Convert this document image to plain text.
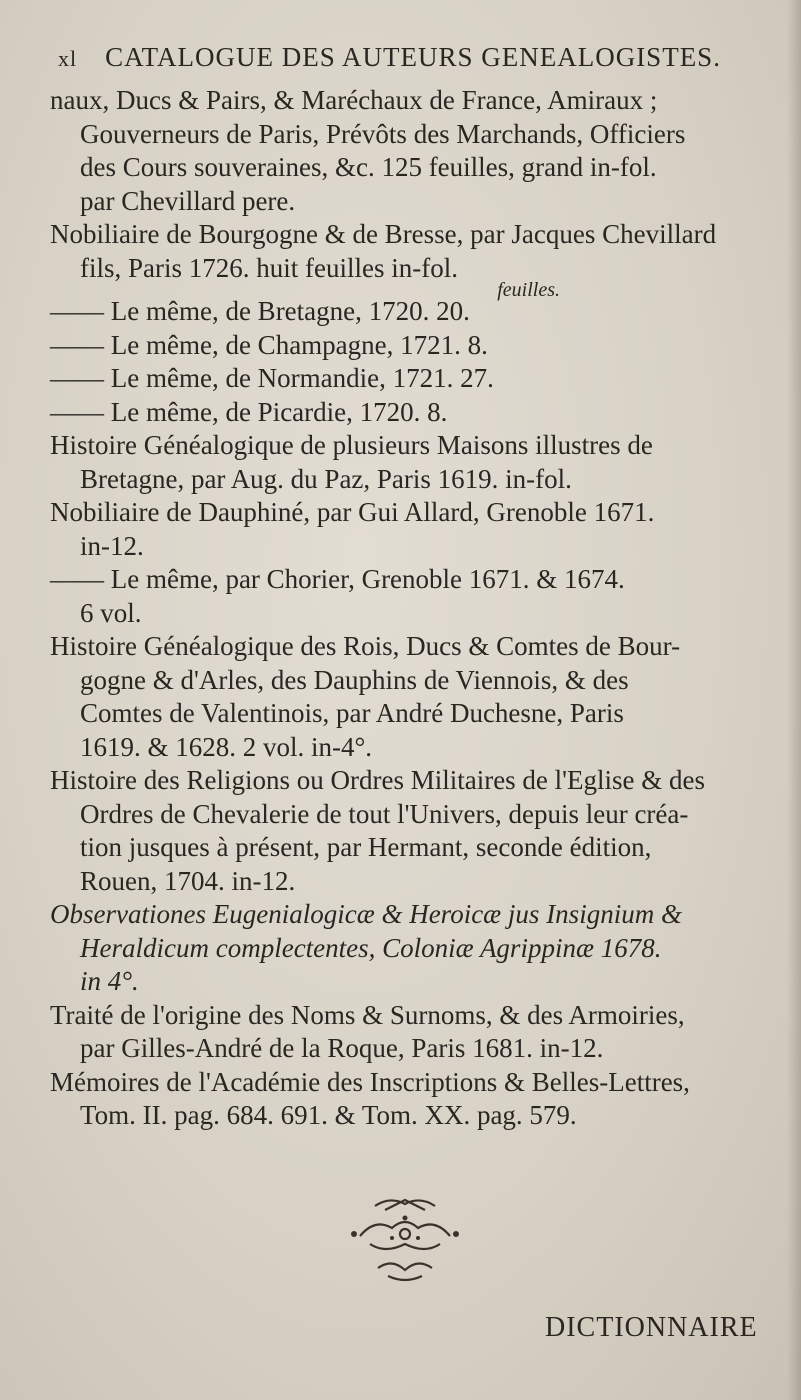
xl CATALOGUE DES AUTEURS GENEALOGISTES.

naux, Ducs & Pairs, & Maréchaux de France, Amiraux ;
Gouverneurs de Paris, Prévôts des Marchands, Officiers
des Cours souveraines, &c. 125 feuilles, grand in-fol.
par Chevillard pere.

Nobiliaire de Bourgogne & de Bresse, par Jacques Chevillard
fils, Paris 1726. huit feuilles in-fol.

feuilles.

—— Le même, de Bretagne, 1720. 20.

—— Le même, de Champagne, 1721. 8.

—— Le même, de Normandie, 1721. 27.

—— Le même, de Picardie, 1720. 8.

Histoire Généalogique de plusieurs Maisons illustres de
Bretagne, par Aug. du Paz, Paris 1619. in-fol.

Nobiliaire de Dauphiné, par Gui Allard, Grenoble 1671.
in-12.

—— Le même, par Chorier, Grenoble 1671. & 1674.
6 vol.

Histoire Généalogique des Rois, Ducs & Comtes de Bour-
gogne & d'Arles, des Dauphins de Viennois, & des
Comtes de Valentinois, par André Duchesne, Paris
1619. & 1628. 2 vol. in-4°.

Histoire des Religions ou Ordres Militaires de l'Eglise & des
Ordres de Chevalerie de tout l'Univers, depuis leur créa-
tion jusques à présent, par Hermant, seconde édition,
Rouen, 1704. in-12.

Observationes Eugenialogicæ & Heroicæ jus Insignium &
Heraldicum complectentes, Coloniæ Agrippinæ 1678.
in 4°.

Traité de l'origine des Noms & Surnoms, & des Armoiries,
par Gilles-André de la Roque, Paris 1681. in-12.

Mémoires de l'Académie des Inscriptions & Belles-Lettres,
Tom. II. pag. 684. 691. & Tom. XX. pag. 579.

DICTIONNAIRE
